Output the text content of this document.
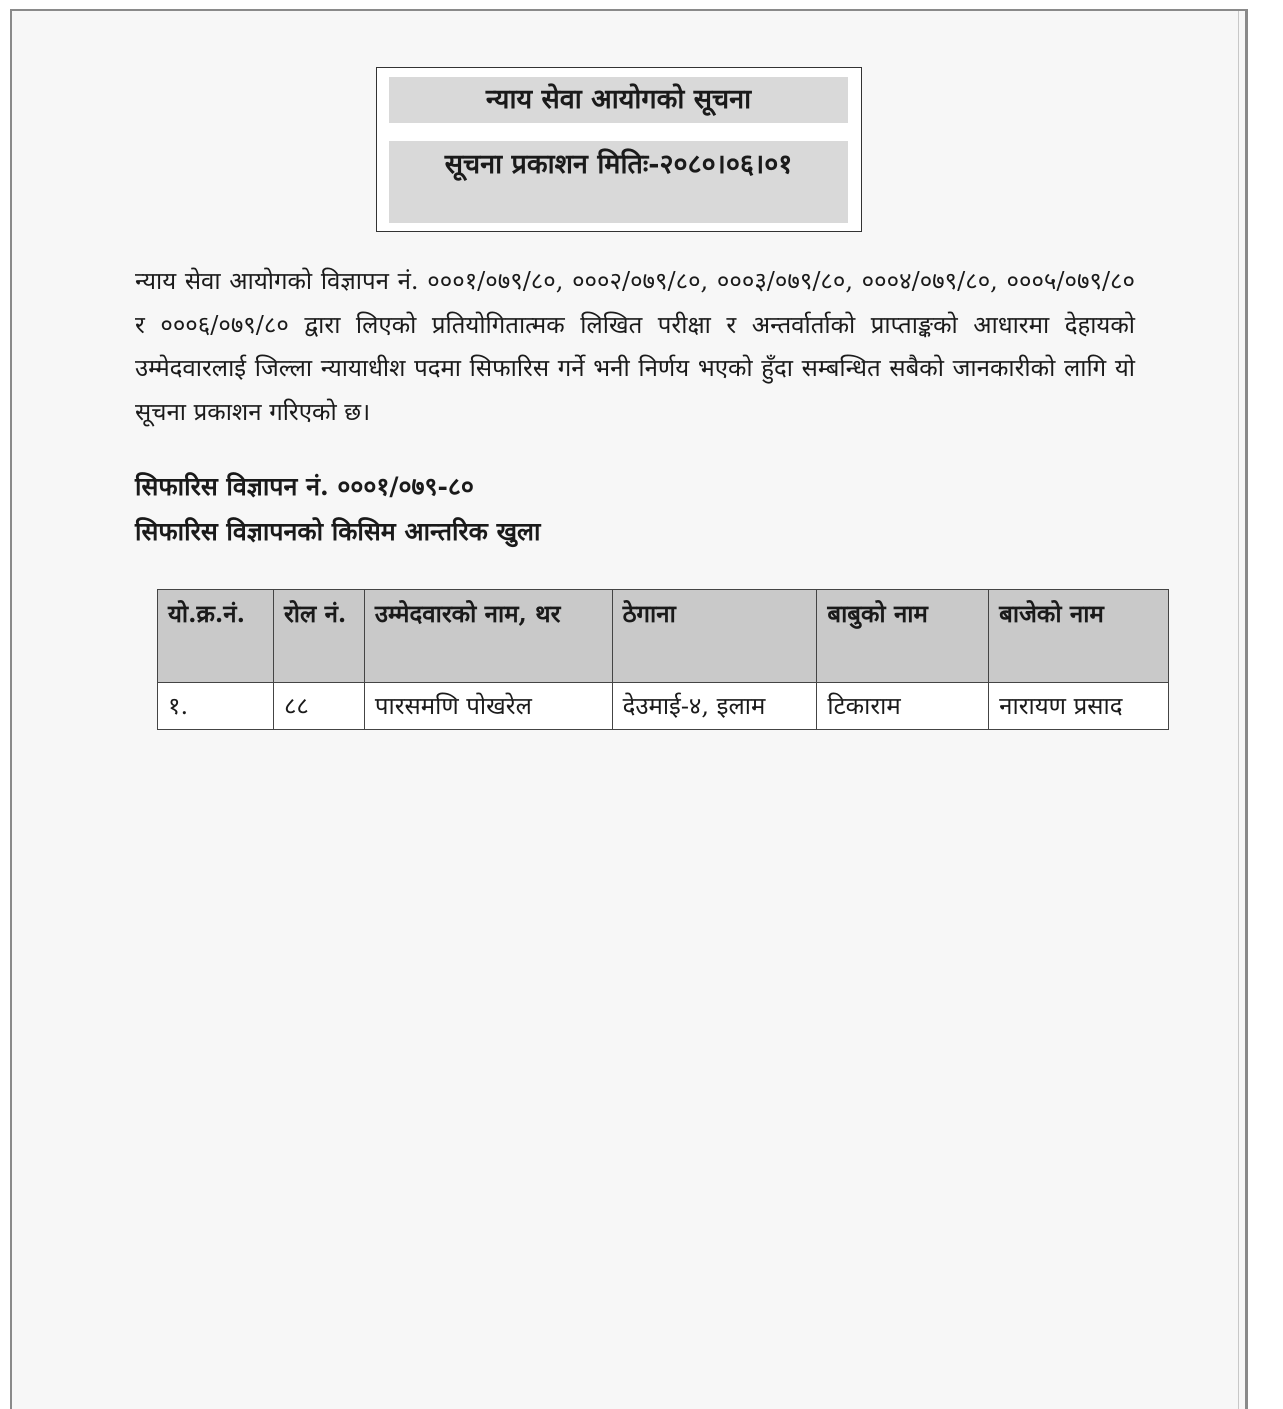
न्याय सेवा आयोगको सूचना
सूचना प्रकाशन मितिः-२०८०।०६।०१
न्याय सेवा आयोगको विज्ञापन नं. ०००१/०७९/८०, ०००२/०७९/८०, ०००३/०७९/८०, ०००४/०७९/८०, ०००५/०७९/८० र ०००६/०७९/८० द्वारा लिएको प्रतियोगितात्मक लिखित परीक्षा र अन्तर्वार्ताको प्राप्ताङ्कको आधारमा देहायको उम्मेदवारलाई जिल्ला न्यायाधीश पदमा सिफारिस गर्ने भनी निर्णय भएको हुँदा सम्बन्धित सबैको जानकारीको लागि यो सूचना प्रकाशन गरिएको छ।
सिफारिस विज्ञापन नं. ०००१/०७९-८०
सिफारिस विज्ञापनको किसिम आन्तरिक खुला
यो.क्र.नं.	रोल नं.	उम्मेदवारको नाम, थर	ठेगाना	बाबुको नाम	बाजेको नाम
१.	८८	पारसमणि पोखरेल	देउमाई-४, इलाम	टिकाराम	नारायण प्रसाद
